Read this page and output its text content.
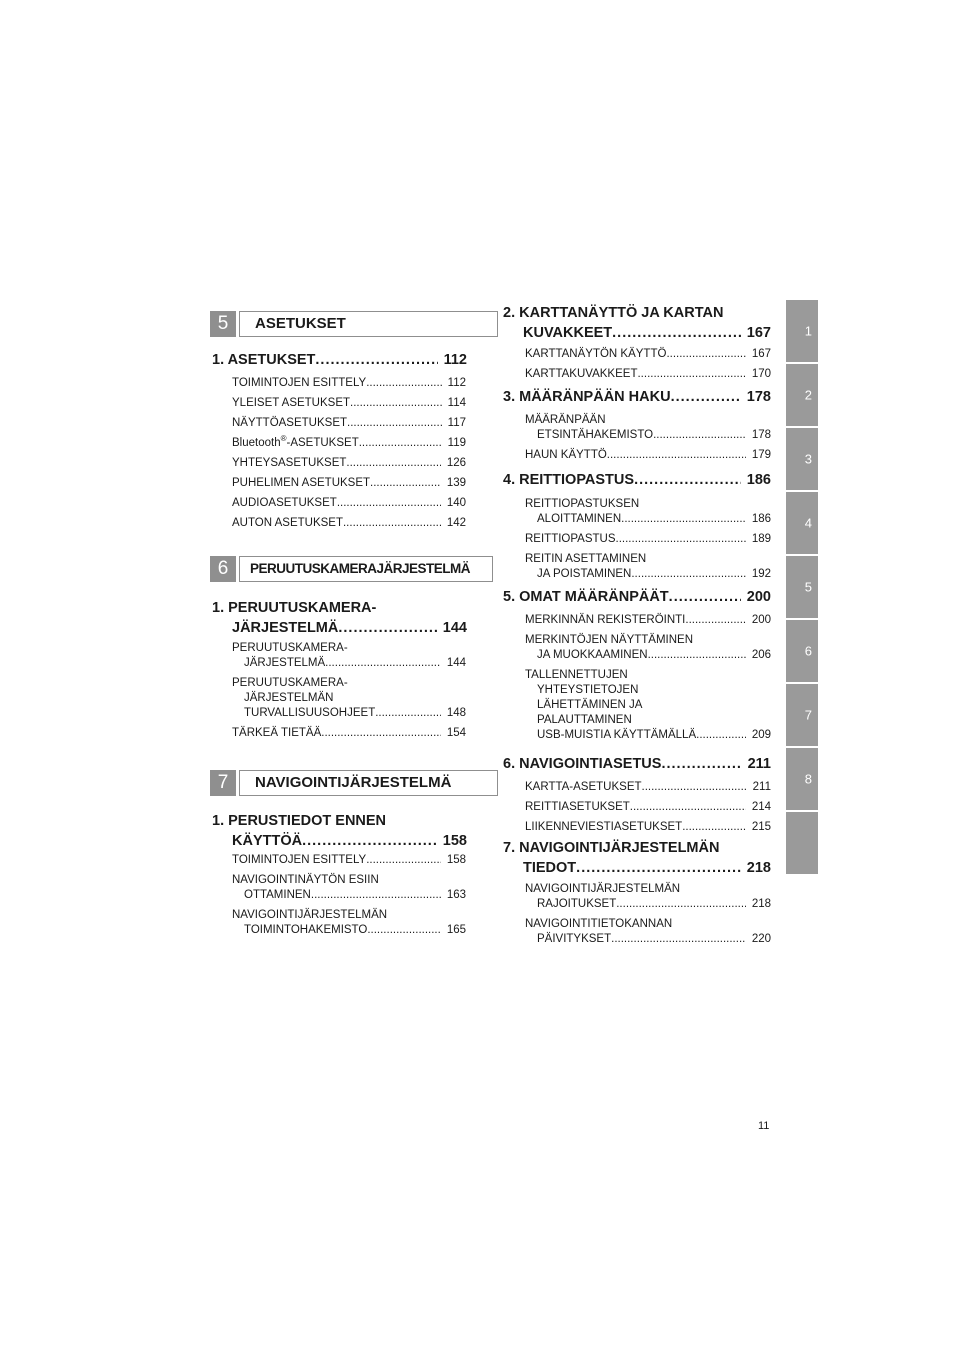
1
2
3
4
5
6
7
8
5	ASETUKSET
1. ASETUKSET .....	112
TOIMINTOJEN ESITTELY .....	112
YLEISET ASETUKSET .....	114
NÄYTTÖASETUKSET .....	117
Bluetooth®-ASETUKSET .....	119
YHTEYSASETUKSET .....	126
PUHELIMEN ASETUKSET .....	139
AUDIOASETUKSET .....	140
AUTON ASETUKSET .....	142
6	PERUUTUSKAMERAJÄRJESTELMÄ
1. PERUUTUSKAMERA-
JÄRJESTELMÄ .....	144
PERUUTUSKAMERA-
JÄRJESTELMÄ .....	144
PERUUTUSKAMERA-
JÄRJESTELMÄN
TURVALLISUUSOHJEET .....	148
TÄRKEÄ TIETÄÄ .....	154
7	NAVIGOINTIJÄRJESTELMÄ
1. PERUSTIEDOT ENNEN
KÄYTTÖÄ .....	158
TOIMINTOJEN ESITTELY .....	158
NAVIGOINTINÄYTÖN ESIIN
OTTAMINEN .....	163
NAVIGOINTIJÄRJESTELMÄN
TOIMINTOHAKEMISTO .....	165
2. KARTTANÄYTTÖ JA KARTAN
KUVAKKEET .....	167
KARTTANÄYTÖN KÄYTTÖ .....	167
KARTTAKUVAKKEET .....	170
3. MÄÄRÄNPÄÄN HAKU .....	178
MÄÄRÄNPÄÄN
ETSINTÄHAKEMISTO .....	178
HAUN KÄYTTÖ .....	179
4. REITTIOPASTUS .....	186
REITTIOPASTUKSEN
ALOITTAMINEN .....	186
REITTIOPASTUS .....	189
REITIN ASETTAMINEN
JA POISTAMINEN .....	192
5. OMAT MÄÄRÄNPÄÄT .....	200
MERKINNÄN REKISTERÖINTI .....	200
MERKINTÖJEN NÄYTTÄMINEN
JA MUOKKAAMINEN .....	206
TALLENNETTUJEN
YHTEYSTIETOJEN
LÄHETTÄMINEN JA
PALAUTTAMINEN
USB-MUISTIA KÄYTTÄMÄLLÄ .....	209
6. NAVIGOINTIASETUS .....	211
KARTTA-ASETUKSET .....	211
REITTIASETUKSET .....	214
LIIKENNEVIESTIASETUKSET .....	215
7. NAVIGOINTIJÄRJESTELMÄN
TIEDOT .....	218
NAVIGOINTIJÄRJESTELMÄN
RAJOITUKSET .....	218
NAVIGOINTITIETOKANNAN
PÄIVITYKSET .....	220
11
